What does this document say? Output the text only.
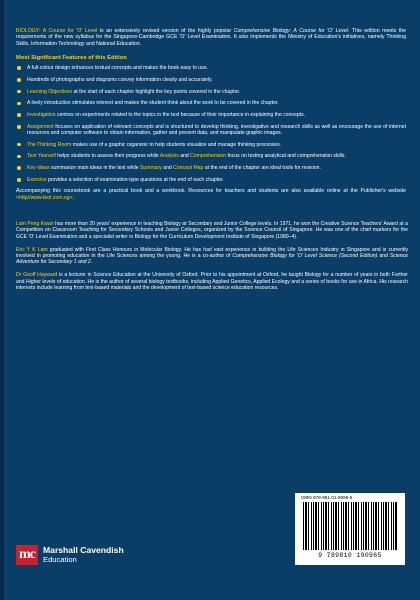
BIOLOGY: A Course for 'O' Level is an extensively revised version of the highly popular Comprehensive Biology: A Course for 'O' Level. This edition meets the requirements of the new syllabus for the Singapore-Cambridge GCE 'O' Level Examination. It also implements the Ministry of Education's initiatives, namely Thinking Skills, Information Technology and National Education.

Most Significant Features of this Edition
A full-colour design enhances textual concepts and makes the book easy to use.
Hundreds of photographs and diagrams convey information clearly and accurately.
Learning Objectives at the start of each chapter highlight the key points covered in the chapter.
A lively introduction stimulates interest and makes the student think about the work to be covered in the chapter.
Investigation centres on experiments related to the topics in the text because of their importance in explaining the concepts.
Assignment focuses on application of relevant concepts and is structured to develop thinking, investigative and research skills as well as encourage the use of internet resources and computer software to obtain information, gather and present data, and manipulate graphic images.
The Thinking Room makes use of a graphic organizer to help students visualize and manage thinking processes.
Test Yourself helps students to assess their progress while Analysis and Comprehension focus on testing analytical and comprehension skills.
Key Ideas summarize main ideas in the text while Summary and Concept Map at the end of the chapter are ideal tools for revision.
Exercise provides a selection of examination-type questions at the end of each chapter.

Accompanying this coursebook are a practical book and a workbook. Resources for teachers and students are also available online at the Publisher's website <http//www.teol.com.sg>.

Lam Peng Kwan has more than 20 years' experience in teaching Biology at Secondary and Junior College levels. In 1971, he won the Creative Science Teachers' Award at a Competition on Classroom Teaching for Secondary Schools and Junior Colleges, organized by the Science Council of Singapore. He was one of the chief markers for the GCE 'O' Level Examination and a specialist writer in Biology for the Curriculum Development Institute of Singapore (1980–4).

Eric Y K Lam graduated with First Class Honours in Molecular Biology. He has had vast experience in building the Life Sciences Industry in Singapore and is currently involved in promoting education in the Life Sciences among the young. He is a co-author of Comprehensive Biology for 'O' Level Science (Second Edition) and Science Adventure for Secondary 1 and 2.

Dr Geoff Hayward is a lecturer in Science Education at the University of Oxford. Prior to his appointment at Oxford, he taught Biology for a number of years in both Further and Higher levels of education. He is the author of several biology textbooks, including Applied Genetics, Applied Ecology and a series of books for use in Africa. His research interests include learning from text-based materials and the development of text-based science education resources.

ISBN 978-981-01-9096-5
9 789810 190965
mc Marshall Cavendish
Education
